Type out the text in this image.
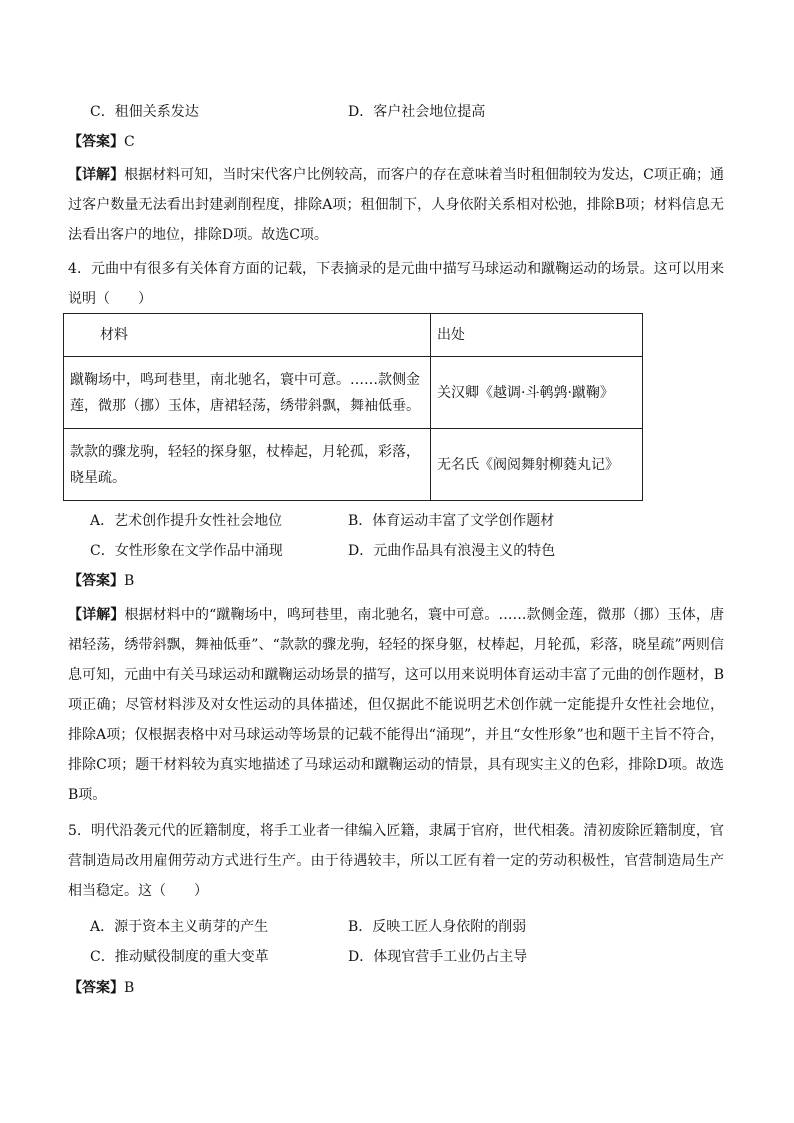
C．租佃关系发达	D．客户社会地位提高
【答案】C
【详解】根据材料可知，当时宋代客户比例较高，而客户的存在意味着当时租佃制较为发达，C项正确；通过客户数量无法看出封建剥削程度，排除A项；租佃制下，人身依附关系相对松弛，排除B项；材料信息无法看出客户的地位，排除D项。故选C项。
4．元曲中有很多有关体育方面的记载，下表摘录的是元曲中描写马球运动和蹴鞠运动的场景。这可以用来说明（　　）
材料	出处
蹴鞠场中，鸣珂巷里，南北驰名，寰中可意。……款侧金莲，微那（挪）玉体，唐裙轻荡，绣带斜飘，舞袖低垂。	关汉卿《越调·斗鹌鹑·蹴鞠》
款款的骤龙驹，轻轻的探身躯，杖棒起，月轮孤，彩落，晓星疏。	无名氏《阀阅舞射柳蕤丸记》
A．艺术创作提升女性社会地位	B．体育运动丰富了文学创作题材
C．女性形象在文学作品中涌现	D．元曲作品具有浪漫主义的特色
【答案】B
【详解】根据材料中的“蹴鞠场中，鸣珂巷里，南北驰名，寰中可意。……款侧金莲，微那（挪）玉体，唐裙轻荡，绣带斜飘，舞袖低垂”、“款款的骤龙驹，轻轻的探身躯，杖棒起，月轮孤，彩落，晓星疏”两则信息可知，元曲中有关马球运动和蹴鞠运动场景的描写，这可以用来说明体育运动丰富了元曲的创作题材，B项正确；尽管材料涉及对女性运动的具体描述，但仅据此不能说明艺术创作就一定能提升女性社会地位，排除A项；仅根据表格中对马球运动等场景的记载不能得出“涌现”，并且“女性形象”也和题干主旨不符合，排除C项；题干材料较为真实地描述了马球运动和蹴鞠运动的情景，具有现实主义的色彩，排除D项。故选B项。
5．明代沿袭元代的匠籍制度，将手工业者一律编入匠籍，隶属于官府，世代相袭。清初废除匠籍制度，官营制造局改用雇佣劳动方式进行生产。由于待遇较丰，所以工匠有着一定的劳动积极性，官营制造局生产相当稳定。这（　　）
A．源于资本主义萌芽的产生	B．反映工匠人身依附的削弱
C．推动赋役制度的重大变革	D．体现官营手工业仍占主导
【答案】B
